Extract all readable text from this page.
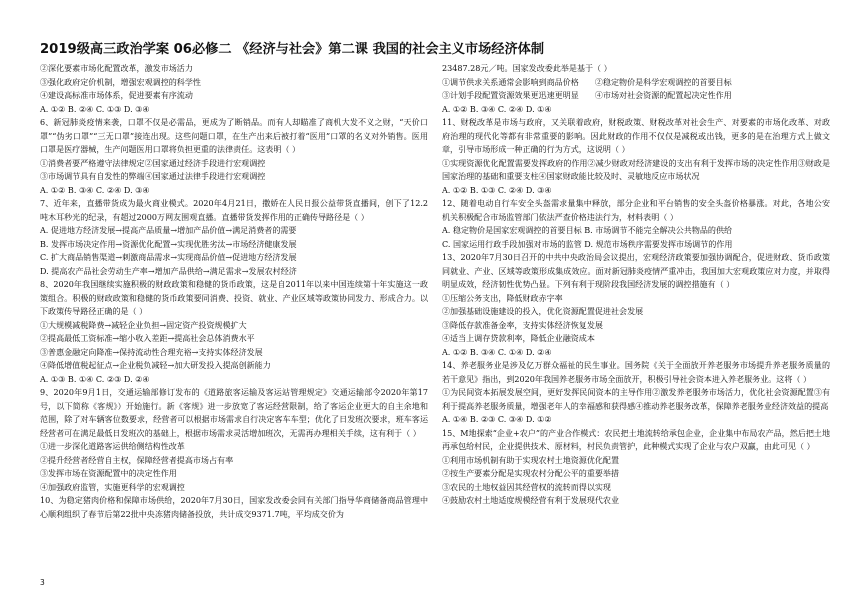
2019级高三政治学案 06必修二 《经济与社会》第二课 我国的社会主义市场经济体制

②深化要素市场化配置改革，激发市场活力

③强化政府定价机制，增强宏观调控的科学性

④建设高标准市场体系，促进要素有序流动

A. ①② B. ②④ C. ①③ D. ③④

6、新冠肺炎疫情来袭，口罩不仅是必需品，更成为了断销品。而有人却瞄准了商机大发不义之财，“天价口罩”“伪劣口罩”“三无口罩”接连出现。这些问题口罩，在生产出来后被打着“医用”口罩的名义对外销售。医用口罩是医疗器械，生产问题医用口罩将负担更重的法律责任。这表明（ ）

①消费者要严格遵守法律规定②国家通过经济手段进行宏观调控

③市场调节具有自发性的弊端④国家通过法律手段进行宏观调控

A. ①② B. ③④ C. ②④ D. ③④

7、近年来，直播带货成为最火商业模式。2020年4月21日，撒娇在人民日报公益带货直播间，创下了12.2吨木耳秒光的纪录，有超过2000万网友围观直播。直播带货发挥作用的正确传导路径是（ ）

A. 促进地方经济发展→提高产品质量→增加产品价值→满足消费者的需要

B. 发挥市场决定作用→资源优化配置→实现优胜劣汰→市场经济健康发展

C. 扩大商品销售渠道→刺激商品需求→实现商品价值→促进地方经济发展

D. 提高农产品社会劳动生产率→增加产品供给→满足需求→发展农村经济

8、2020年我国继续实施积极的财政政策和稳健的货币政策，这是自2011年以来中国连续第十年实施这一政策组合。积极的财政政策和稳健的货币政策要同消费、投资、就业、产业区域等政策协同发力、形成合力。以下政策传导路径正确的是（ ）

①大规模减税降费→减轻企业负担→固定资产投资规模扩大

②提高最低工资标准→缩小收入差距→提高社会总体消费水平

③普惠金融定向降准→保持流动性合理充裕→支持实体经济发展

④降低增值税起征点→企业税负减轻→加大研发投入提高创新能力

A. ①③ B. ①④ C. ②③ D. ②④

9、2020年9月1日，交通运输部修订发布的《道路旅客运输及客运站管理规定》交通运输部令2020年第17号，以下简称《客规》）开始施行。新《客规》进一步放宽了客运经营限制，给了客运企业更大的自主余地和范围，除了对车辆客位数要求，经营者可以根据市场需求自行决定客车车型；优化了日发班次要求，班车客运经营者可在满足最低日发班次的基础上，根据市场需求灵活增加班次，无需再办理相关手续，这有利于（ ）

①进一步深化道路客运供给侧结构性改革

②提升经营者经营自主权，保障经营者提高市场占有率

③发挥市场在资源配置中的决定性作用

④加强政府监管，实施更科学的宏观调控

10、为稳定猪肉价格和保障市场供给，2020年7月30日，国家发改委会同有关部门指导华商储备商品管理中心顺利组织了春节后第22批中央冻猪肉储备投放，共计成交9371.7吨，平均成交价为

23487.28元／吨。国家发改委此举是基于（ ）

①调节供求关系通常会影响到商品价格　　②稳定物价是科学宏观调控的首要目标

③计划手段配置资源效果更迅速更明显　　④市场对社会资源的配置起决定性作用

A. ①② B. ③④ C. ②④ D. ①④

11、财税改革是市场与政府，又关联着政府，财税政策、财税改革对社会生产、对要素的市场化改革、对政府治理的现代化等都有非常重要的影响。因此财政的作用不仅仅是减税或出钱，更多的是在治理方式上做文章，引导市场形成一种正确的行为方式，这说明（ ）

①实现资源优化配置需要发挥政府的作用②减少财政对经济建设的支出有利于发挥市场的决定性作用③财政是国家治理的基础和重要支柱④国家财政能比较及时、灵敏地反应市场状况

A. ①② B. ①③ C. ②④ D. ③④

12、随着电动自行车安全头盔需求量集中释放，部分企业和平台销售的安全头盔价格暴涨。对此，各地公安机关积极配合市场监管部门依法严查价格违法行为，材料表明（ ）

A. 稳定物价是国家宏观调控的首要目标 B. 市场调节不能完全解决公共物品的供给

C. 国家运用行政手段加强对市场的监管 D. 规范市场秩序需要发挥市场调节的作用

13、2020年7月30日召开的中共中央政治局会议提出，宏观经济政策要加强协调配合，促进财政、货币政策同就业、产业、区域等政策形成集成效应。面对新冠肺炎疫情严重冲击，我国加大宏观政策应对力度，并取得明显成效，经济韧性优势凸显。下列有利于现阶段我国经济发展的调控措施有（ ）

①压缩公务支出，降低财政赤字率

②加强基础设施建设的投入，优化资源配置促进社会发展

③降低存款准备金率，支持实体经济恢复发展

④适当上调存贷款利率，降低企业融资成本

A. ①② B. ③④ C. ①④ D. ②④

14、养老服务业是涉及亿万群众福祉的民生事业。国务院《关于全面放开养老服务市场提升养老服务质量的若干意见》指出，到2020年我国养老服务市场全面放开，积极引导社会资本进入养老服务业。这将（ ）

①为民间资本拓展发展空间，更好发挥民间资本的主导作用②激发养老服务市场活力，优化社会资源配置③有利于提高养老服务质量，增强老年人的幸福感和获得感④推动养老服务改革，保障养老服务业经济效益的提高

A. ①④ B. ②③ C. ③④ D. ①②

15、M地探索“企业+农户”的产业合作模式：农民把土地流转给承包企业，企业集中布局农产品，然后把土地再承包给村民，企业提供技术、原材料，村民负责管护，此种模式实现了企业与农户双赢，由此可见（ ）

①利用市场机制有助于实现农村土地资源优化配置

②按生产要素分配是实现农村分配公平的重要举措

③农民的土地权益因其经营权的流转而得以实现

④鼓励农村土地适度规模经营有利于发展现代农业

3
